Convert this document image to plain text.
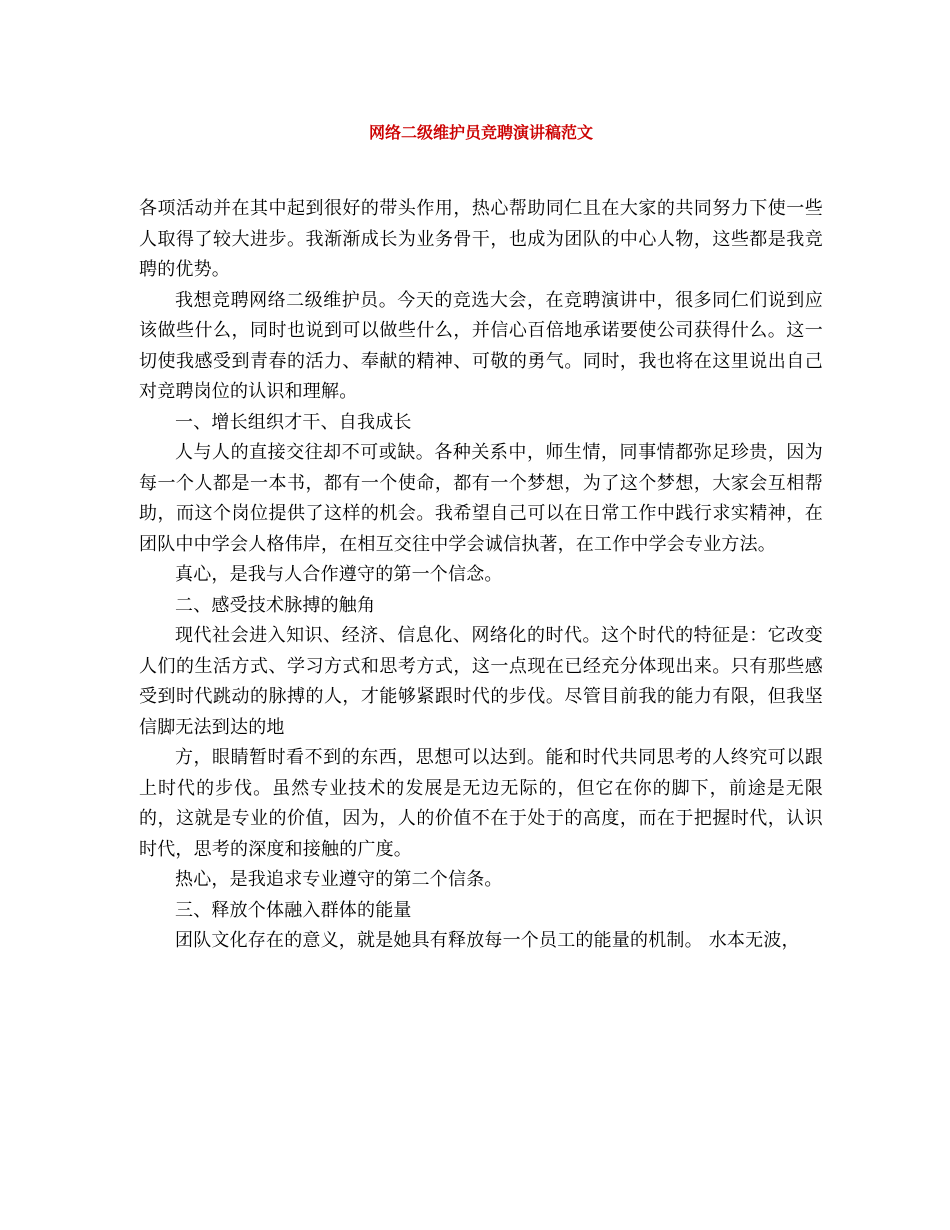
网络二级维护员竞聘演讲稿范文

各项活动并在其中起到很好的带头作用，热心帮助同仁且在大家的共同努力下使一些人取得了较大进步。我渐渐成长为业务骨干，也成为团队的中心人物，这些都是我竞聘的优势。

我想竞聘网络二级维护员。今天的竞选大会，在竞聘演讲中，很多同仁们说到应该做些什么，同时也说到可以做些什么，并信心百倍地承诺要使公司获得什么。这一切使我感受到青春的活力、奉献的精神、可敬的勇气。同时，我也将在这里说出自己对竞聘岗位的认识和理解。

一、增长组织才干、自我成长

人与人的直接交往却不可或缺。各种关系中，师生情，同事情都弥足珍贵，因为每一个人都是一本书，都有一个使命，都有一个梦想，为了这个梦想，大家会互相帮助，而这个岗位提供了这样的机会。我希望自己可以在日常工作中践行求实精神，在团队中中学会人格伟岸，在相互交往中学会诚信执著，在工作中学会专业方法。

真心，是我与人合作遵守的第一个信念。

二、感受技术脉搏的触角

现代社会进入知识、经济、信息化、网络化的时代。这个时代的特征是：它改变人们的生活方式、学习方式和思考方式，这一点现在已经充分体现出来。只有那些感受到时代跳动的脉搏的人，才能够紧跟时代的步伐。尽管目前我的能力有限，但我坚信脚无法到达的地

方，眼睛暂时看不到的东西，思想可以达到。能和时代共同思考的人终究可以跟上时代的步伐。虽然专业技术的发展是无边无际的，但它在你的脚下，前途是无限的，这就是专业的价值，因为，人的价值不在于处于的高度，而在于把握时代，认识时代，思考的深度和接触的广度。

热心，是我追求专业遵守的第二个信条。

三、释放个体融入群体的能量

团队文化存在的意义，就是她具有释放每一个员工的能量的机制。 水本无波，
